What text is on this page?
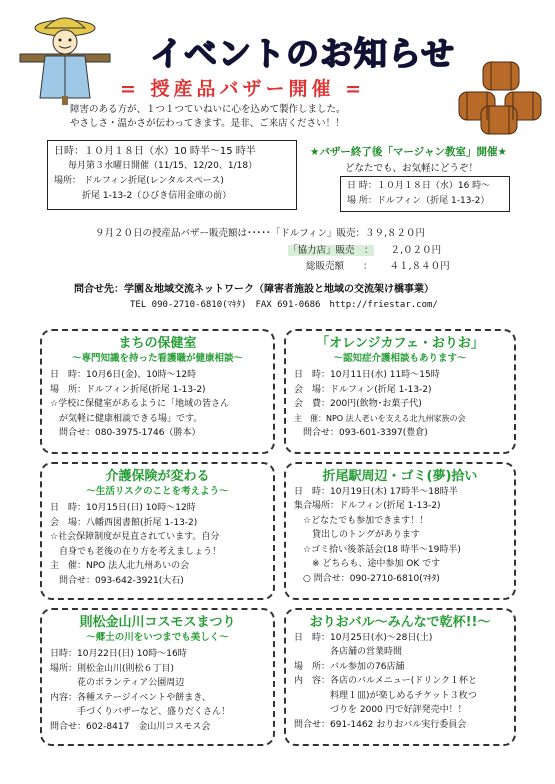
イベントのお知らせ
= 授産品バザー開催 =
障害のある方が、１つ１つていねいに心を込めて製作しました。
やさしさ・温かさが伝わってきます。是非、ご来店ください！！
日時：１０月１８日（水）10 時半～15 時半
毎月第３水曜日開催（11/15、12/20、1/18）
場所： ドルフィン折尾(レンタルスペース)
折尾 1-13-2（ひびき信用金庫の前）
★バザー終了後「マージャン教室」開催★
どなたでも、お気軽にどうぞ！
日 時：１０月１８日（水）16 時～
場 所：ドルフィン（折尾 1-13-2）
９月２０日の授産品バザー販売額は･････「ドルフィン」販売：３９,８２０円
「協力店」販売　： ２,０２０円
総販売額　　： ４１,８４０円
問合せ先：学園＆地域交流ネットワーク（障害者施設と地域の交流架け橋事業）
TEL 090-2710-6810(ﾏｷﾀ)　FAX 691-0686　http://friestar.com/
まちの保健室
～専門知識を持った看護職が健康相談～
日　時：10月6日(金)、10時～12時
場　所：ドルフィン折尾(折尾 1-13-2)
☆学校に保健室があるように「地域の皆さん
　が気軽に健康相談できる場」です。
　問合せ：080-3975-1746（勝本）
「オレンジカフェ・おりお」
～認知症介護相談もあります～
日　時：10月11日(水) 11時～15時
会　場：ドルフィン(折尾 1-13-2)
会　費：200円(飲物･お菓子代)
主　催：NPO 法人老いを支える北九州家族の会
　問合せ：093-601-3397(豊倉)
介護保険が変わる
～生活リスクのことを考えよう～
日　時：10月15日(日) 10時～12時
会　場：八幡西図書館(折尾 1-13-2)
☆社会保障制度が見直されています。自分
　自身でも老後の在り方を考えましょう！
主　催：NPO 法人北九州あいの会
　問合せ：093-642-3921(大石)
折尾駅周辺・ゴミ(夢)拾い
日　時：10月19日(木) 17時半～18時半
集合場所：ドルフィン(折尾 1-13-2)
　☆どなたでも参加できます！！
　　貸出しのトングがあります
　☆ゴミ拾い後茶話会(18 時半～19時半)
　　※ どちらも、途中参加 OK です
　○ 問合せ：090-2710-6810(ﾏｷﾀ)
則松金山川コスモスまつり
～郷土の川をいつまでも美しく～
日時：10月22日(日) 10時～16時
場所：則松金山川(則松６丁目)
　　　花のボランティア公園周辺
内容：各種ステージイベントや餅まき、
　　　手づくりバザーなど、盛りだくさん！
問合せ：602-8417　金山川コスモス会
おりおバル～みんなで乾杯!!～
日　時：10月25日(水)～28日(土)
　　　　各店舗の営業時間
場　所：バル参加の76店舗
内　容：各店のバルメニュー(ドリンク１杯と
　　　　料理１皿)が楽しめるチケット３枚つ
　　　　づりを 2000 円で好評発売中！！
問合せ：691-1462 おりおバル実行委員会
